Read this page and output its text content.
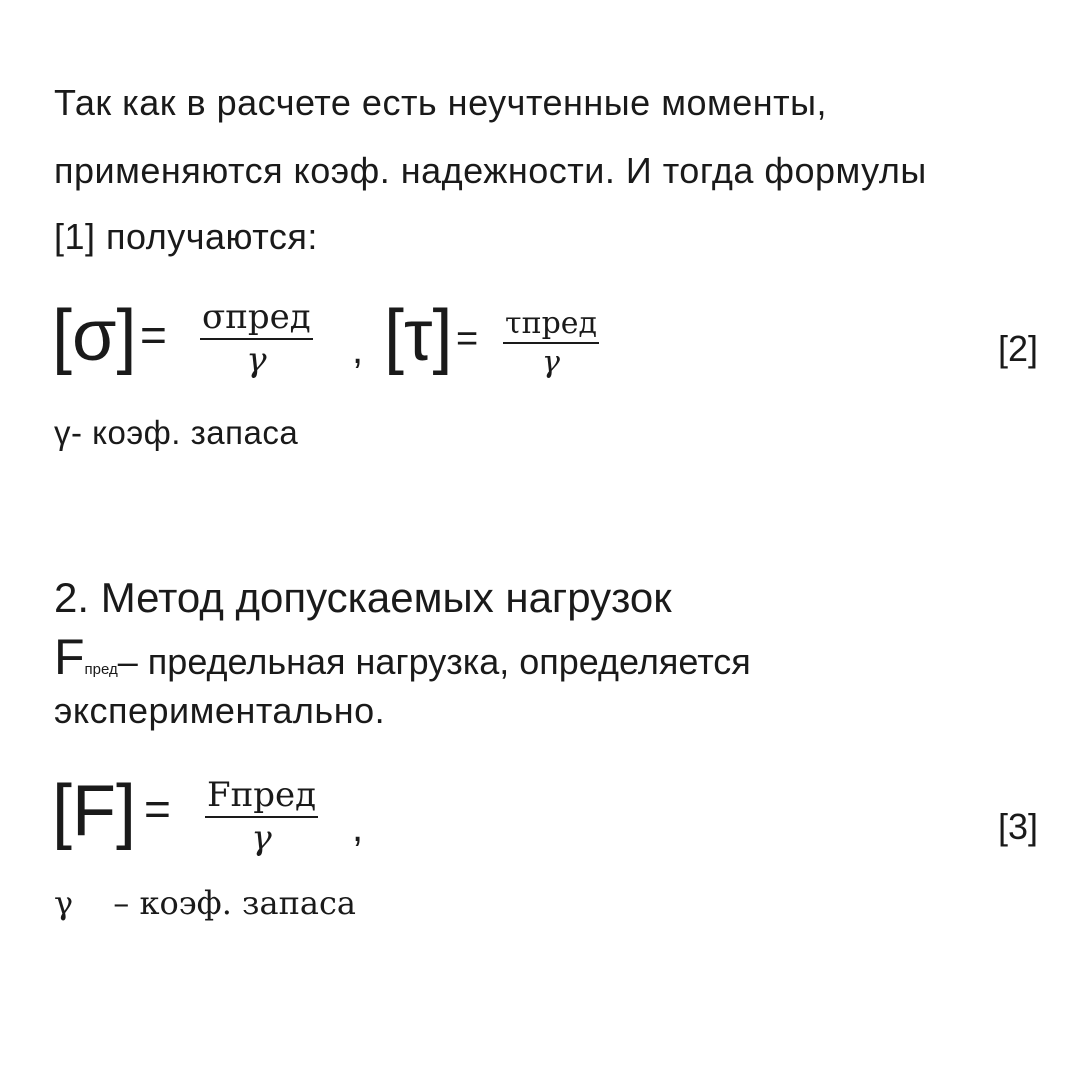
Так как в расчете есть неучтенные моменты,
применяются коэф. надежности. И тогда формулы
[1] получаются:
[σ] = σпред
γ	, [τ] = τпред
γ	[2]
γ- коэф. запаса
2. Метод допускаемых нагрузок
Fпред– предельная нагрузка, определяется
экспериментально.
[F] = Fпред
γ	,	[3]
γ – коэф. запаса
